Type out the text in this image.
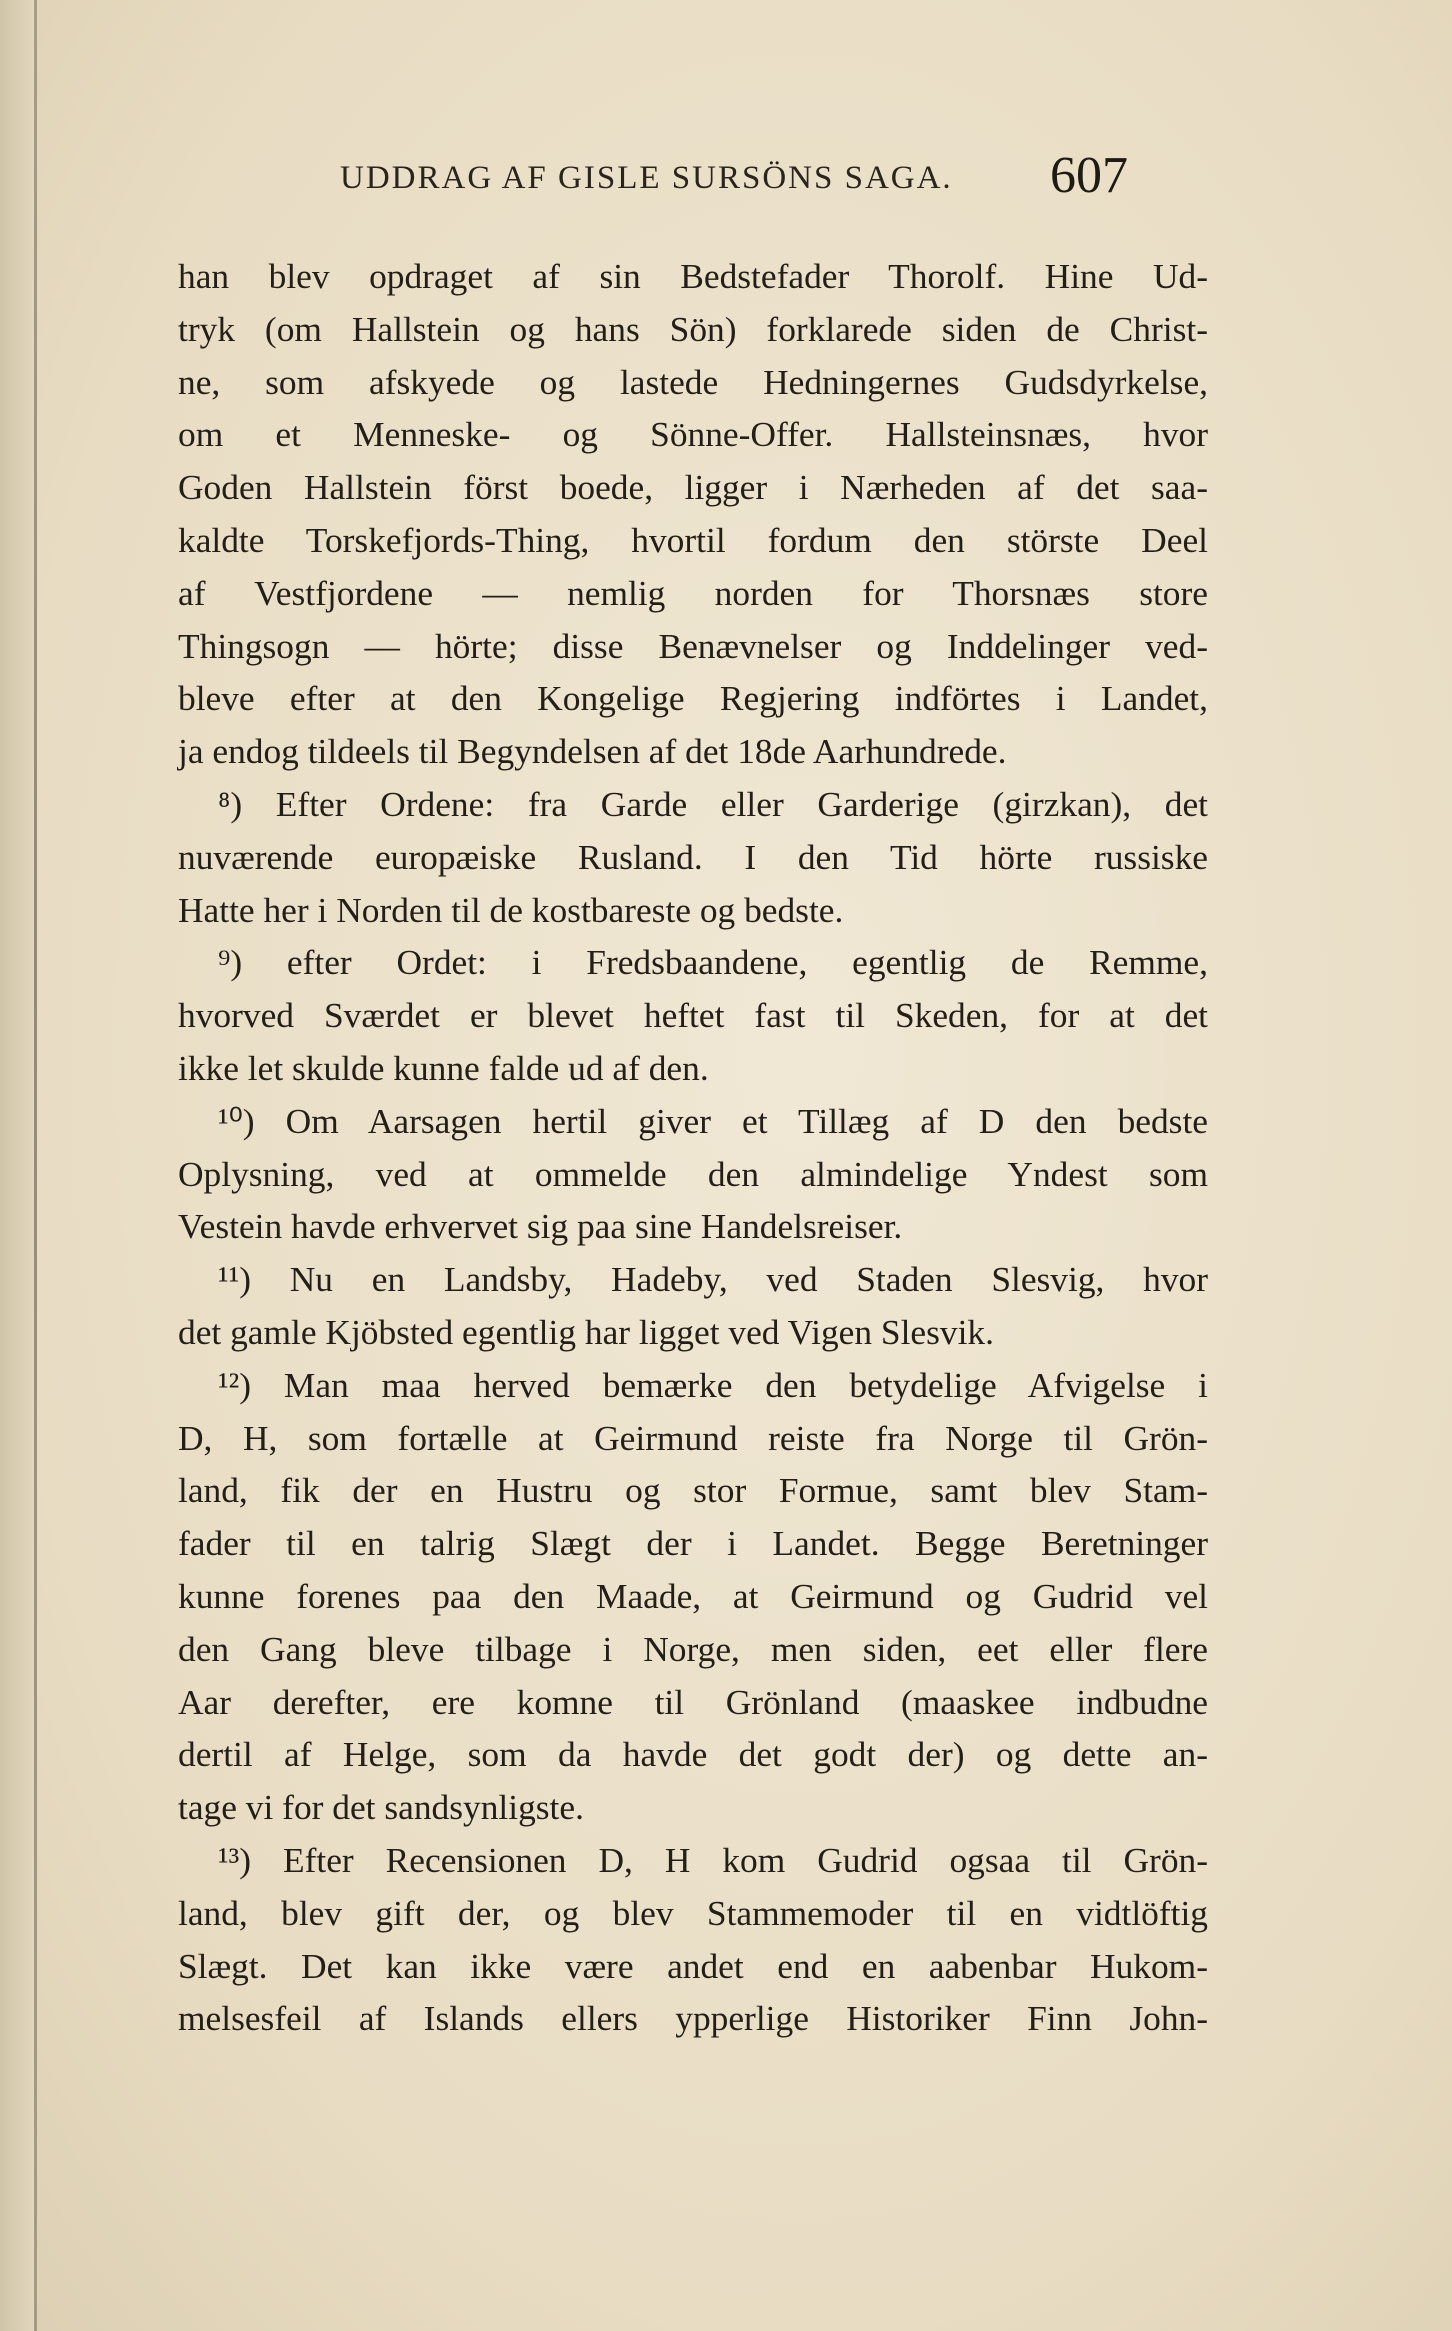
UDDRAG AF GISLE SURSÖNS SAGA. 607
han blev opdraget af sin Bedstefader Thorolf. Hine Ud-
tryk (om Hallstein og hans Sön) forklarede siden de Christ-
ne, som afskyede og lastede Hedningernes Gudsdyrkelse,
om et Menneske- og Sönne-Offer. Hallsteinsnæs, hvor
Goden Hallstein först boede, ligger i Nærheden af det saa-
kaldte Torskefjords-Thing, hvortil fordum den störste Deel
af Vestfjordene — nemlig norden for Thorsnæs store
Thingsogn — hörte; disse Benævnelser og Inddelinger ved-
bleve efter at den Kongelige Regjering indförtes i Landet,
ja endog tildeels til Begyndelsen af det 18de Aarhundrede.
⁸) Efter Ordene: fra Garde eller Garderige (girzkan), det
nuværende europæiske Rusland. I den Tid hörte russiske
Hatte her i Norden til de kostbareste og bedste.
⁹) efter Ordet: i Fredsbaandene, egentlig de Remme,
hvorved Sværdet er blevet heftet fast til Skeden, for at det
ikke let skulde kunne falde ud af den.
¹⁰) Om Aarsagen hertil giver et Tillæg af D den bedste
Oplysning, ved at ommelde den almindelige Yndest som
Vestein havde erhvervet sig paa sine Handelsreiser.
¹¹) Nu en Landsby, Hadeby, ved Staden Slesvig, hvor
det gamle Kjöbsted egentlig har ligget ved Vigen Slesvik.
¹²) Man maa herved bemærke den betydelige Afvigelse i
D, H, som fortælle at Geirmund reiste fra Norge til Grön-
land, fik der en Hustru og stor Formue, samt blev Stam-
fader til en talrig Slægt der i Landet. Begge Beretninger
kunne forenes paa den Maade, at Geirmund og Gudrid vel
den Gang bleve tilbage i Norge, men siden, eet eller flere
Aar derefter, ere komne til Grönland (maaskee indbudne
dertil af Helge, som da havde det godt der) og dette an-
tage vi for det sandsynligste.
¹³) Efter Recensionen D, H kom Gudrid ogsaa til Grön-
land, blev gift der, og blev Stammemoder til en vidtlöftig
Slægt. Det kan ikke være andet end en aabenbar Hukom-
melsesfeil af Islands ellers ypperlige Historiker Finn John-
